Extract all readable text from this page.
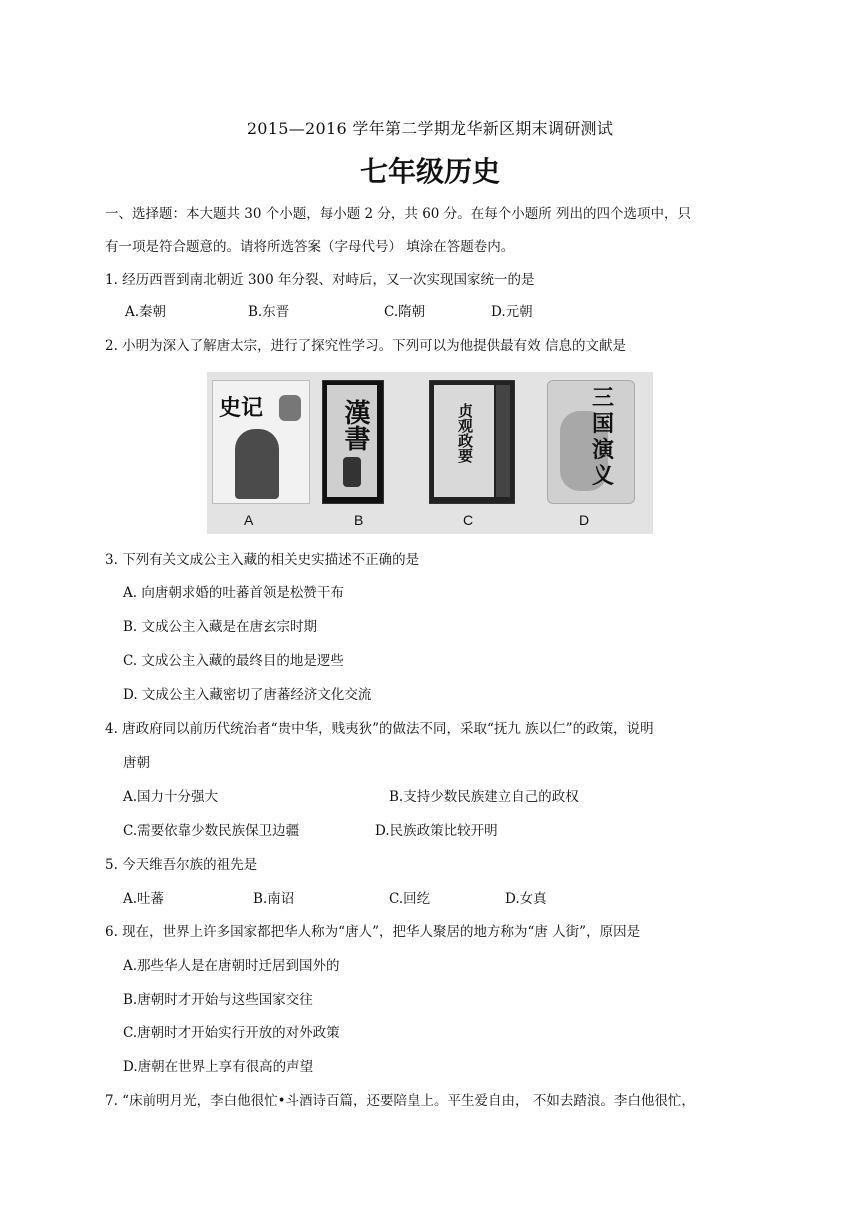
2015—2016 学年第二学期龙华新区期末调研测试
七年级历史
一、选择题：本大题共 30 个小题，每小题 2 分，共 60 分。在每个小题所 列出的四个选项中，只
有一项是符合题意的。请将所选答案（字母代号） 填涂在答题卷内。
1. 经历西晋到南北朝近 300 年分裂、对峙后，又一次实现国家统一的是
A.秦朝	B.东晋	C.隋朝	D.元朝
2. 小明为深入了解唐太宗，进行了探究性学习。下列可以为他提供最有效 信息的文献是
史记	漢書	贞观政要
三国演义
A	B	C	D
3. 下列有关文成公主入藏的相关史实描述不正确的是
A. 向唐朝求婚的吐蕃首领是松赞干布
B. 文成公主入藏是在唐玄宗时期
C. 文成公主入藏的最终目的地是逻些
D. 文成公主入藏密切了唐蕃经济文化交流
4. 唐政府同以前历代统治者“贵中华，贱夷狄”的做法不同，采取“抚九 族以仁”的政策，说明
唐朝
A.国力十分强大	B.支持少数民族建立自己的政权
C.需要依靠少数民族保卫边疆	D.民族政策比较开明
5. 今天维吾尔族的祖先是
A.吐蕃	B.南诏	C.回纥	D.女真
6. 现在，世界上许多国家都把华人称为“唐人”，把华人聚居的地方称为“唐 人街”，原因是
A.那些华人是在唐朝时迁居到国外的
B.唐朝时才开始与这些国家交往
C.唐朝时才开始实行开放的对外政策
D.唐朝在世界上享有很高的声望
7. “床前明月光，李白他很忙•斗酒诗百篇，还要陪皇上。平生爱自由， 不如去踏浪。李白他很忙，
